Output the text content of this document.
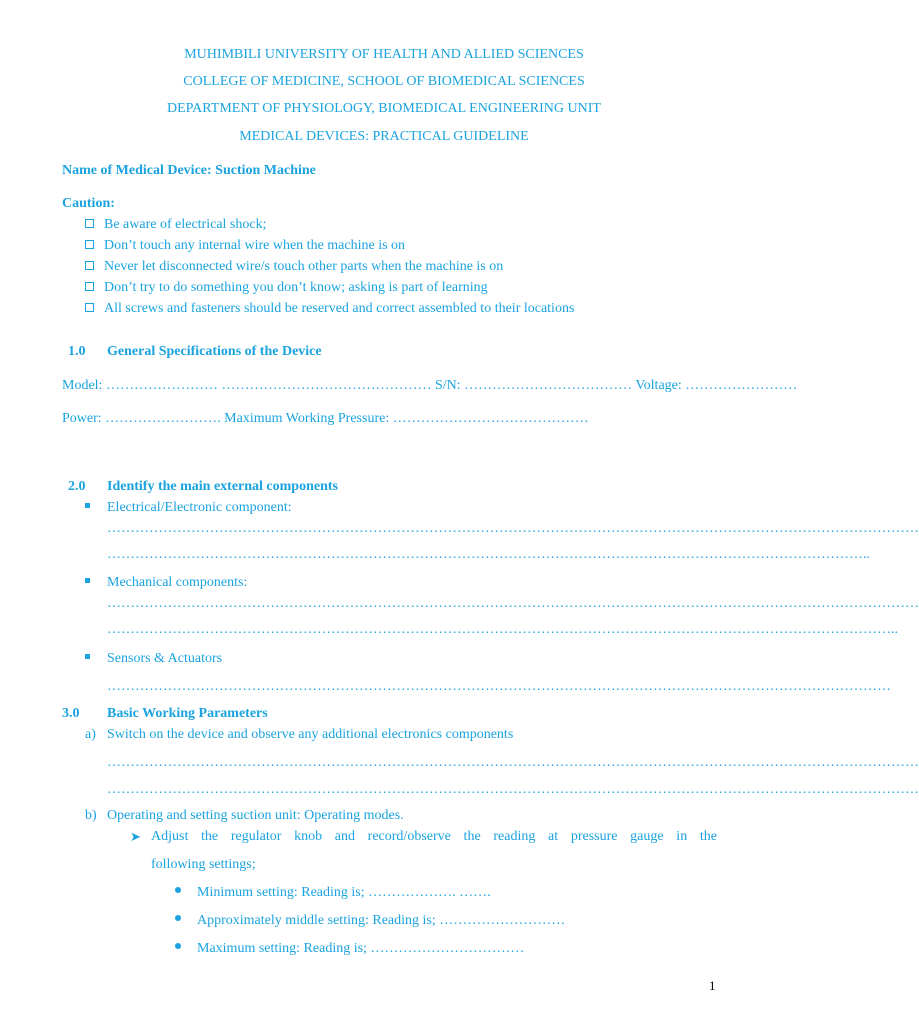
MUHIMBILI UNIVERSITY OF HEALTH AND ALLIED SCIENCES
COLLEGE OF MEDICINE, SCHOOL OF BIOMEDICAL SCIENCES
DEPARTMENT OF PHYSIOLOGY, BIOMEDICAL ENGINEERING UNIT
MEDICAL DEVICES: PRACTICAL GUIDELINE
Name of Medical Device: Suction Machine
Caution:
Be aware of electrical shock;
Don’t touch any internal wire when the machine is on
Never let disconnected wire/s touch other parts when the machine is on
Don’t try to do something you don’t know; asking is part of learning
All screws and fasteners should be reserved and correct assembled to their locations
1.0 General Specifications of the Device
Model: …………………… ……………………………………… S/N: ……………………………… Voltage: ……………………
Power: ……………………. Maximum Working Pressure: ……………………………………
2.0 Identify the main external components
Electrical/Electronic component:
…………………………………………………………………………………………………………………………………………………………
………………………………………………………………………………………………………………………………………………..
Mechanical components:
…………………………………………………………………………………………………………………………………………………………
……………………………………………………………………………………………………………………………………………………..
Sensors & Actuators
……………………………………………………………………………………………………………………………………………………
3.0 Basic Working Parameters
a) Switch on the device and observe any additional electronics components
…………………………………………………………………………………………………………………………………………………………
…………………………………………………………………………………………………………………………………………………………
b) Operating and setting suction unit: Operating modes.
➤ Adjust the regulator knob and record/observe the reading at pressure gauge in the
following settings;
Minimum setting: Reading is; ………………. …….
Approximately middle setting: Reading is; ………………………
Maximum setting: Reading is; ……………………………
1
